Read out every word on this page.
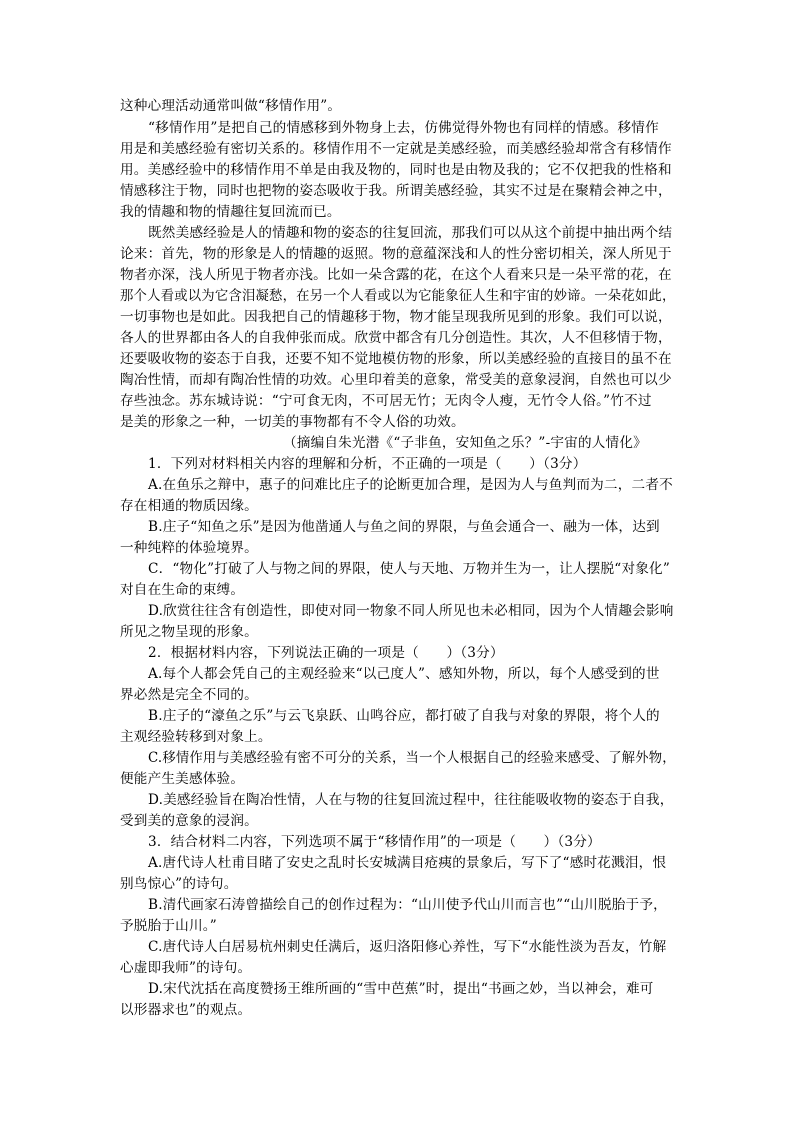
这种心理活动通常叫做“移情作用”。
“移情作用”是把自己的情感移到外物身上去，仿佛觉得外物也有同样的情感。移情作
用是和美感经验有密切关系的。移情作用不一定就是美感经验，而美感经验却常含有移情作
用。美感经验中的移情作用不单是由我及物的，同时也是由物及我的；它不仅把我的性格和
情感移注于物，同时也把物的姿态吸收于我。所谓美感经验，其实不过是在聚精会神之中，
我的情趣和物的情趣往复回流而已。
既然美感经验是人的情趣和物的姿态的往复回流，那我们可以从这个前提中抽出两个结
论来：首先，物的形象是人的情趣的返照。物的意蕴深浅和人的性分密切相关，深人所见于
物者亦深，浅人所见于物者亦浅。比如一朵含露的花，在这个人看来只是一朵平常的花，在
那个人看或以为它含泪凝愁，在另一个人看或以为它能象征人生和宇宙的妙谛。一朵花如此，
一切事物也是如此。因我把自己的情趣移于物，物才能呈现我所见到的形象。我们可以说，
各人的世界都由各人的自我伸张而成。欣赏中都含有几分创造性。其次，人不但移情于物，
还要吸收物的姿态于自我，还要不知不觉地模仿物的形象，所以美感经验的直接目的虽不在
陶冶性情，而却有陶冶性情的功效。心里印着美的意象，常受美的意象浸润，自然也可以少
存些浊念。苏东城诗说：“宁可食无肉，不可居无竹；无肉令人瘦，无竹令人俗。”竹不过
是美的形象之一种，一切美的事物都有不令人俗的功效。
（摘编自朱光潜《“子非鱼，安知鱼之乐？”-宇宙的人情化》
1．下列对材料相关内容的理解和分析，不正确的一项是（　　）（3分）
A.在鱼乐之辩中，惠子的问难比庄子的论断更加合理，是因为人与鱼判而为二，二者不
存在相通的物质因缘。
B.庄子“知鱼之乐”是因为他凿通人与鱼之间的界限，与鱼会通合一、融为一体，达到
一种纯粹的体验境界。
C．“物化”打破了人与物之间的界限，使人与天地、万物并生为一，让人摆脱“对象化”
对自在生命的束缚。
D.欣赏往往含有创造性，即使对同一物象不同人所见也未必相同，因为个人情趣会影响
所见之物呈现的形象。
2．根据材料内容，下列说法正确的一项是（　　）（3分）
A.每个人都会凭自己的主观经验来“以己度人”、感知外物，所以，每个人感受到的世
界必然是完全不同的。
B.庄子的“濠鱼之乐”与云飞泉跃、山鸣谷应，都打破了自我与对象的界限，将个人的
主观经验转移到对象上。
C.移情作用与美感经验有密不可分的关系，当一个人根据自己的经验来感受、了解外物，
便能产生美感体验。
D.美感经验旨在陶冶性情，人在与物的往复回流过程中，往往能吸收物的姿态于自我，
受到美的意象的浸润。
3．结合材料二内容，下列选项不属于“移情作用”的一项是（　　）（3分）
A.唐代诗人杜甫目睹了安史之乱时长安城满目疮痍的景象后，写下了“感时花溅泪，恨
别鸟惊心”的诗句。
B.清代画家石涛曾描绘自己的创作过程为：“山川使予代山川而言也”“山川脱胎于予，
予脱胎于山川。”
C.唐代诗人白居易杭州刺史任满后，返归洛阳修心养性，写下“水能性淡为吾友，竹解
心虚即我师”的诗句。
D.宋代沈括在高度赞扬王维所画的“雪中芭蕉”时，提出“书画之妙，当以神会，难可
以形器求也”的观点。
